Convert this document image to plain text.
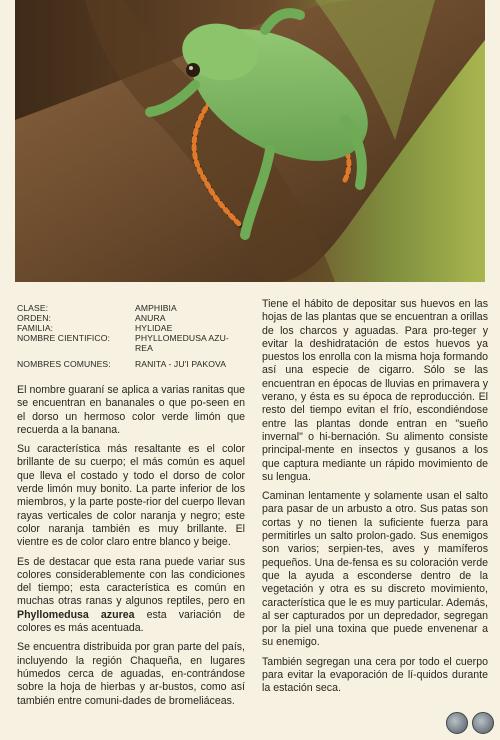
CLASE:	AMPHIBIA
ORDEN:	ANURA
FAMILIA:	HYLIDAE
NOMBRE CIENTIFICO:	PHYLLOMEDUSA AZU-
REA
NOMBRES COMUNES:	RANITA - JU'I PAKOVA

El nombre guaraní se aplica a varias ranitas que se encuentran en bananales o que po-seen en el dorso un hermoso color verde limón que recuerda a la banana.

Su característica más resaltante es el color brillante de su cuerpo; el más común es aquel que lleva el costado y todo el dorso de color verde limón muy bonito. La parte inferior de los miembros, y la parte poste-rior del cuerpo llevan rayas verticales de color naranja y negro; este color naranja también es muy brillante. El vientre es de color claro entre blanco y beige.

Es de destacar que esta rana puede variar sus colores considerablemente con las condiciones del tiempo; esta característica es común en muchas otras ranas y algunos reptiles, pero en Phyllomedusa azurea esta variación de colores es más acentuada.

Se encuentra distribuida por gran parte del país, incluyendo la región Chaqueña, en lugares húmedos cerca de aguadas, en-contrándose sobre la hoja de hierbas y ar-bustos, como así también entre comuni-dades de bromeliáceas.

Tiene el hábito de depositar sus huevos en las hojas de las plantas que se encuentran a orillas de los charcos y aguadas. Para pro-teger y evitar la deshidratación de estos huevos ya puestos los enrolla con la misma hoja formando así una especie de cigarro. Sólo se las encuentran en épocas de lluvias en primavera y verano, y ésta es su época de reproducción. El resto del tiempo evitan el frío, escondiéndose entre las plantas donde entran en "sueño invernal" o hi-bernación. Su alimento consiste principal-mente en insectos y gusanos a los que captura mediante un rápido movimiento de su lengua.

Caminan lentamente y solamente usan el salto para pasar de un arbusto a otro. Sus patas son cortas y no tienen la suficiente fuerza para permitirles un salto prolon-gado. Sus enemigos son varios; serpien-tes, aves y mamíferos pequeños. Una de-fensa es su coloración verde que la ayuda a esconderse dentro de la vegetación y otra es su discreto movimiento, característica que le es muy particular. Además, al ser capturados por un depredador, segregan por la piel una toxina que puede envenenar a su enemigo.

También segregan una cera por todo el cuerpo para evitar la evaporación de lí-quidos durante la estación seca.
